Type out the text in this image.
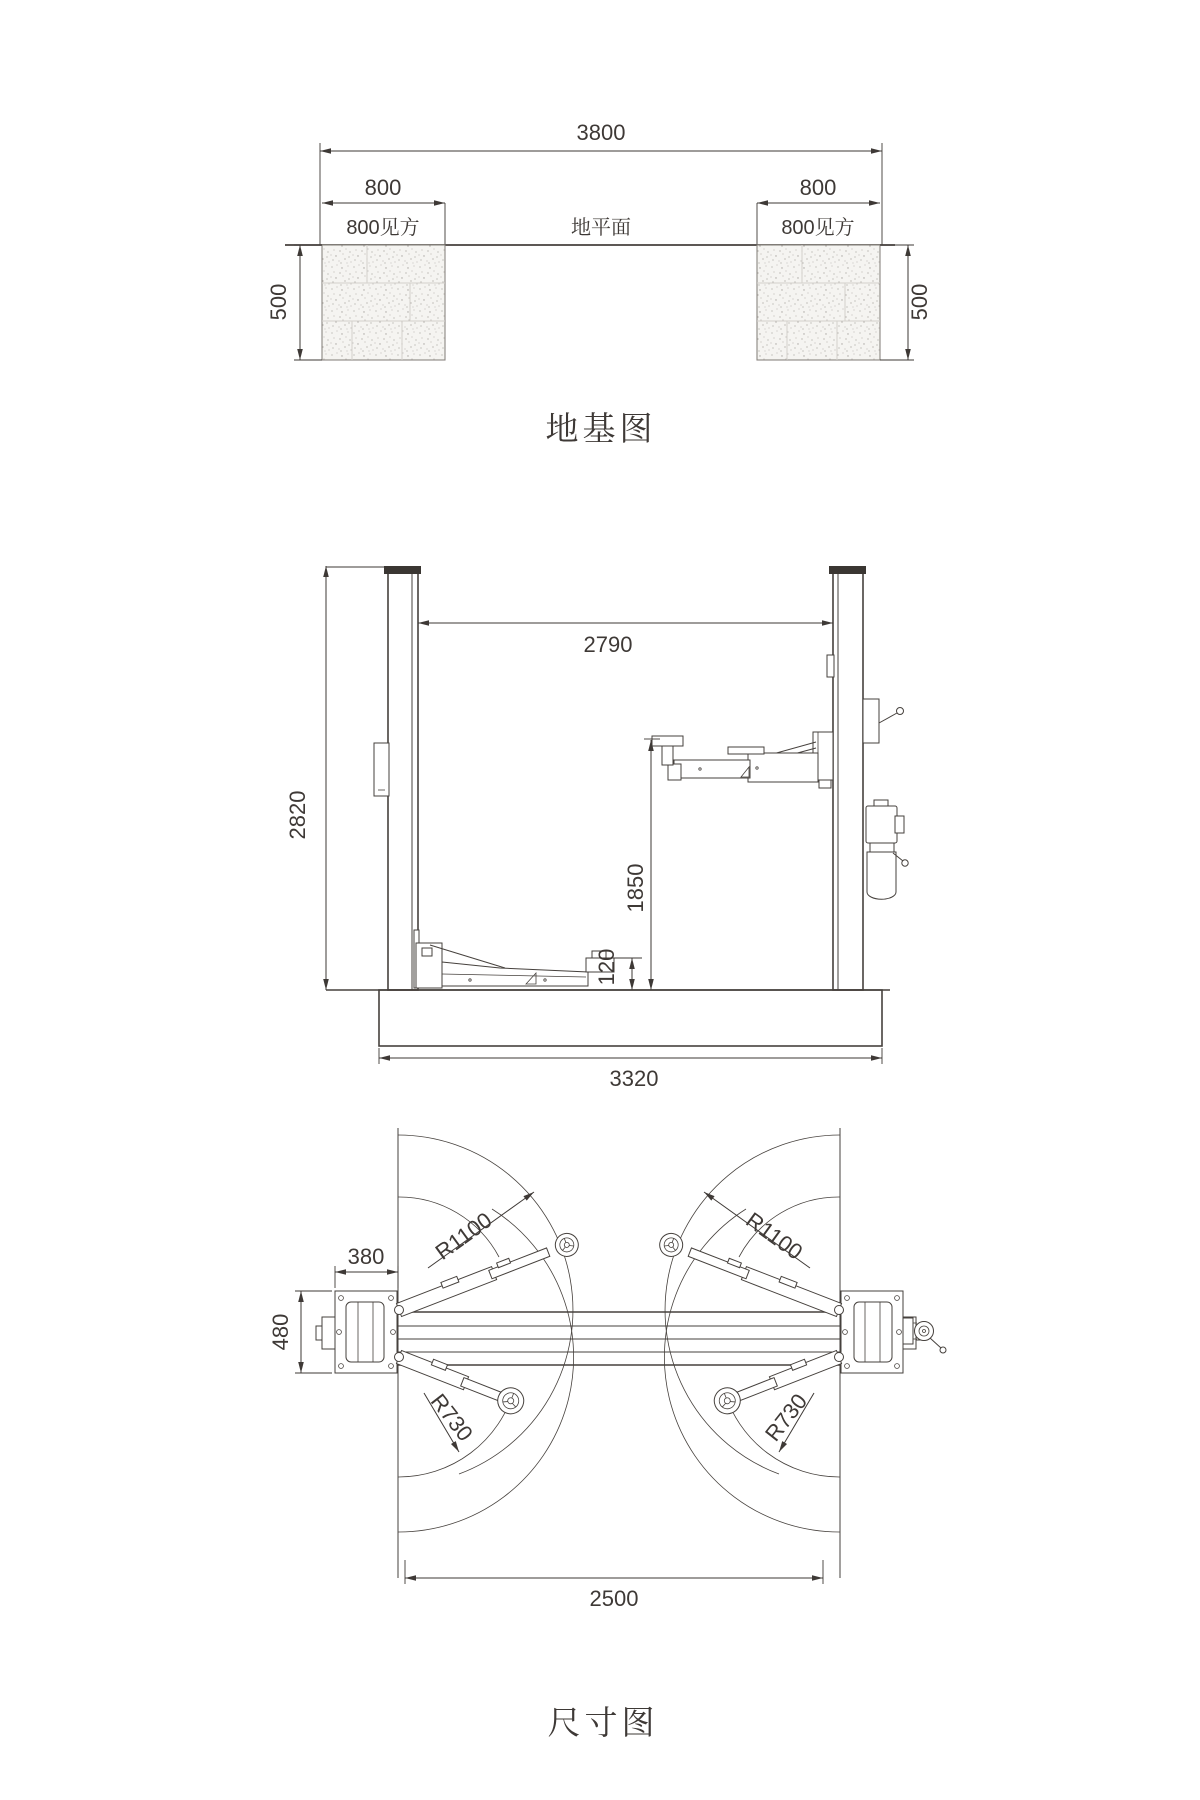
3800
800	800
800见方	地平面	800见方
500	500
地基图
2820
2790
1850
120
3320
R1100	R1100
R730	R730
380
480
2500
尺寸图
